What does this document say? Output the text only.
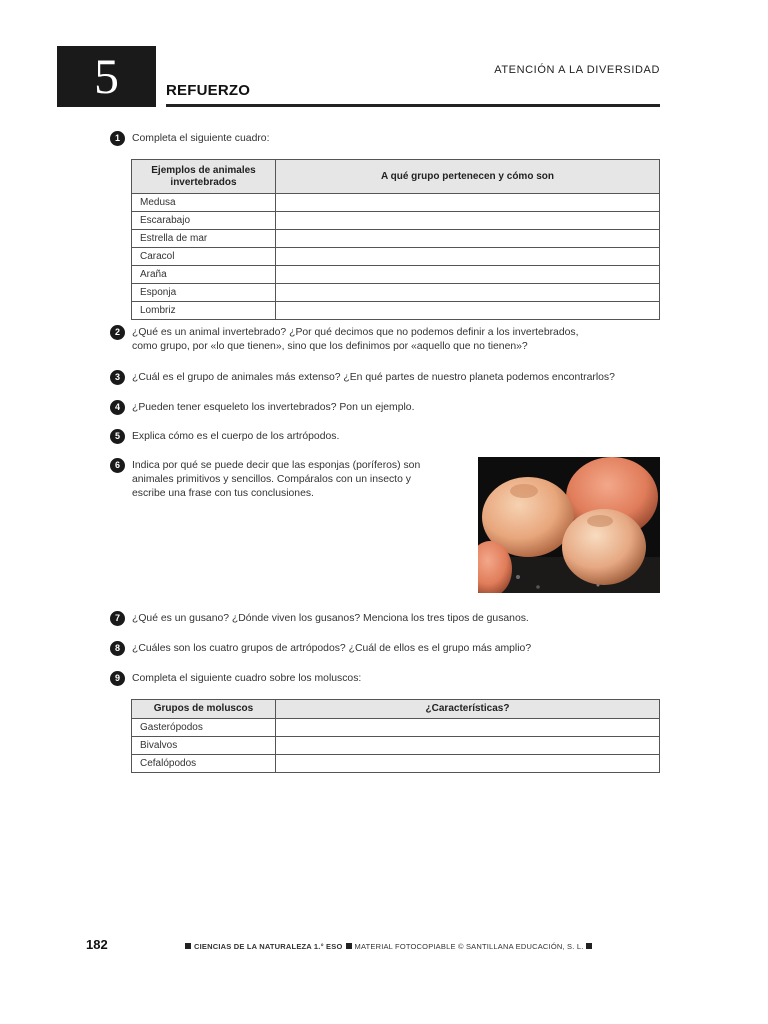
5	ATENCIÓN A LA DIVERSIDAD
REFUERZO
1	Completa el siguiente cuadro:
Ejemplos de animales invertebrados	A qué grupo pertenecen y cómo son
Medusa	
Escarabajo	
Estrella de mar	
Caracol	
Araña	
Esponja	
Lombriz	
2	¿Qué es un animal invertebrado? ¿Por qué decimos que no podemos definir a los invertebrados, como grupo, por «lo que tienen», sino que los definimos por «aquello que no tienen»?
3	¿Cuál es el grupo de animales más extenso? ¿En qué partes de nuestro planeta podemos encontrarlos?
4	¿Pueden tener esqueleto los invertebrados? Pon un ejemplo.
5	Explica cómo es el cuerpo de los artrópodos.
6	Indica por qué se puede decir que las esponjas (poríferos) son animales primitivos y sencillos. Compáralos con un insecto y escribe una frase con tus conclusiones.
7	¿Qué es un gusano? ¿Dónde viven los gusanos? Menciona los tres tipos de gusanos.
8	¿Cuáles son los cuatro grupos de artrópodos? ¿Cuál de ellos es el grupo más amplio?
9	Completa el siguiente cuadro sobre los moluscos:
Grupos de moluscos	¿Características?
Gasterópodos	
Bivalvos	
Cefalópodos	
182	CIENCIAS DE LA NATURALEZA 1.° ESO MATERIAL FOTOCOPIABLE © SANTILLANA EDUCACIÓN, S. L.
